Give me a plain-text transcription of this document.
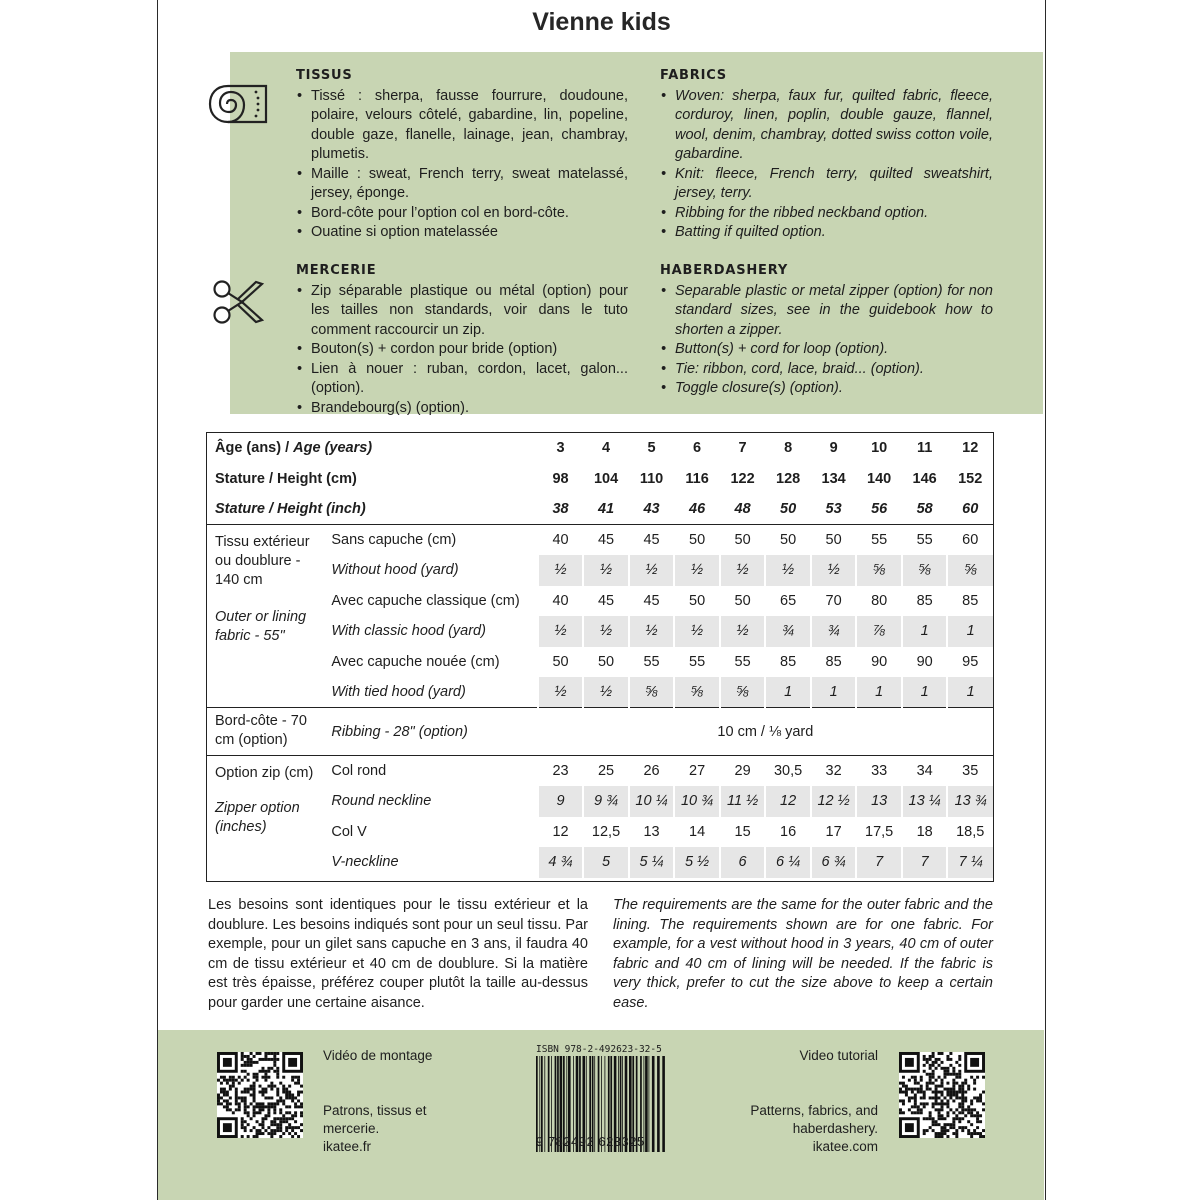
Vienne kids
TISSUS
• Tissé : sherpa, fausse fourrure, doudoune, polaire, velours côtelé, gabardine, lin, popeline, double gaze, flanelle, lainage, jean, chambray, plumetis.
• Maille : sweat, French terry, sweat matelassé, jersey, éponge.
• Bord-côte pour l’option col en bord-côte.
• Ouatine si option matelassée
FABRICS
• Woven: sherpa, faux fur, quilted fabric, fleece, corduroy, linen, poplin, double gauze, flannel, wool, denim, chambray, dotted swiss cotton voile, gabardine.
• Knit: fleece, French terry, quilted sweatshirt, jersey, terry.
• Ribbing for the ribbed neckband option.
• Batting if quilted option.
MERCERIE
• Zip séparable plastique ou métal (option) pour les tailles non standards, voir dans le tuto comment raccourcir un zip.
• Bouton(s) + cordon pour bride (option)
• Lien à nouer : ruban, cordon, lacet, galon... (option).
• Brandebourg(s) (option).
HABERDASHERY
• Separable plastic or metal zipper (option) for non standard sizes, see in the guidebook how to shorten a zipper.
• Button(s) + cord for loop (option).
• Tie: ribbon, cord, lace, braid... (option).
• Toggle closure(s) (option).
Âge (ans) / Age (years)		3	4	5	6	7	8	9	10	11	12
Stature / Height (cm)		98	104	110	116	122	128	134	140	146	152
Stature / Height (inch)		38	41	43	46	48	50	53	56	58	60

Tissu extérieur ou doublure - 140 cm
Outer or lining fabric - 55"	Sans capuche (cm)	40	45	45	50	50	50	50	55	55	60
	Without hood (yard)	½	½	½	½	½	½	½	⅝	⅝	⅝
	Avec capuche classique (cm)	40	45	45	50	50	65	70	80	85	85
	With classic hood (yard)	½	½	½	½	½	¾	¾	⅞	1	1
	Avec capuche nouée (cm)	50	50	55	55	55	85	85	90	90	95
	With tied hood (yard)	½	½	⅝	⅝	⅝	1	1	1	1	1
Bord-côte - 70 cm (option)	Ribbing - 28" (option)	10 cm / ⅛ yard									

Option zip (cm)
Zipper option (inches)	Col rond	23	25	26	27	29	30,5	32	33	34	35
	Round neckline	9	9 ¾	10 ¼	10 ¾	11 ½	12	12 ½	13	13 ¼	13 ¾
	Col V	12	12,5	13	14	15	16	17	17,5	18	18,5
	V-neckline	4 ¾	5	5 ¼	5 ½	6	6 ¼	6 ¾	7	7	7 ¼
Les besoins sont identiques pour le tissu extérieur et la doublure. Les besoins indiqués sont pour un seul tissu. Par exemple, pour un gilet sans capuche en 3 ans, il faudra 40 cm de tissu extérieur et 40 cm de doublure. Si la matière est très épaisse, préférez couper plutôt la taille au-dessus pour garder une certaine aisance.
The requirements are the same for the outer fabric and the lining. The requirements shown are for one fabric. For example, for a vest without hood in 3 years, 40 cm of outer fabric and 40 cm of lining will be needed. If the fabric is very thick, prefer to cut the size above to keep a certain ease.
Vidéo de montage
Patrons, tissus et mercerie.
ikatee.fr
ISBN 978-2-492623-32-5
9 782492 623325
Video tutorial
Patterns, fabrics, and haberdashery.
ikatee.com
